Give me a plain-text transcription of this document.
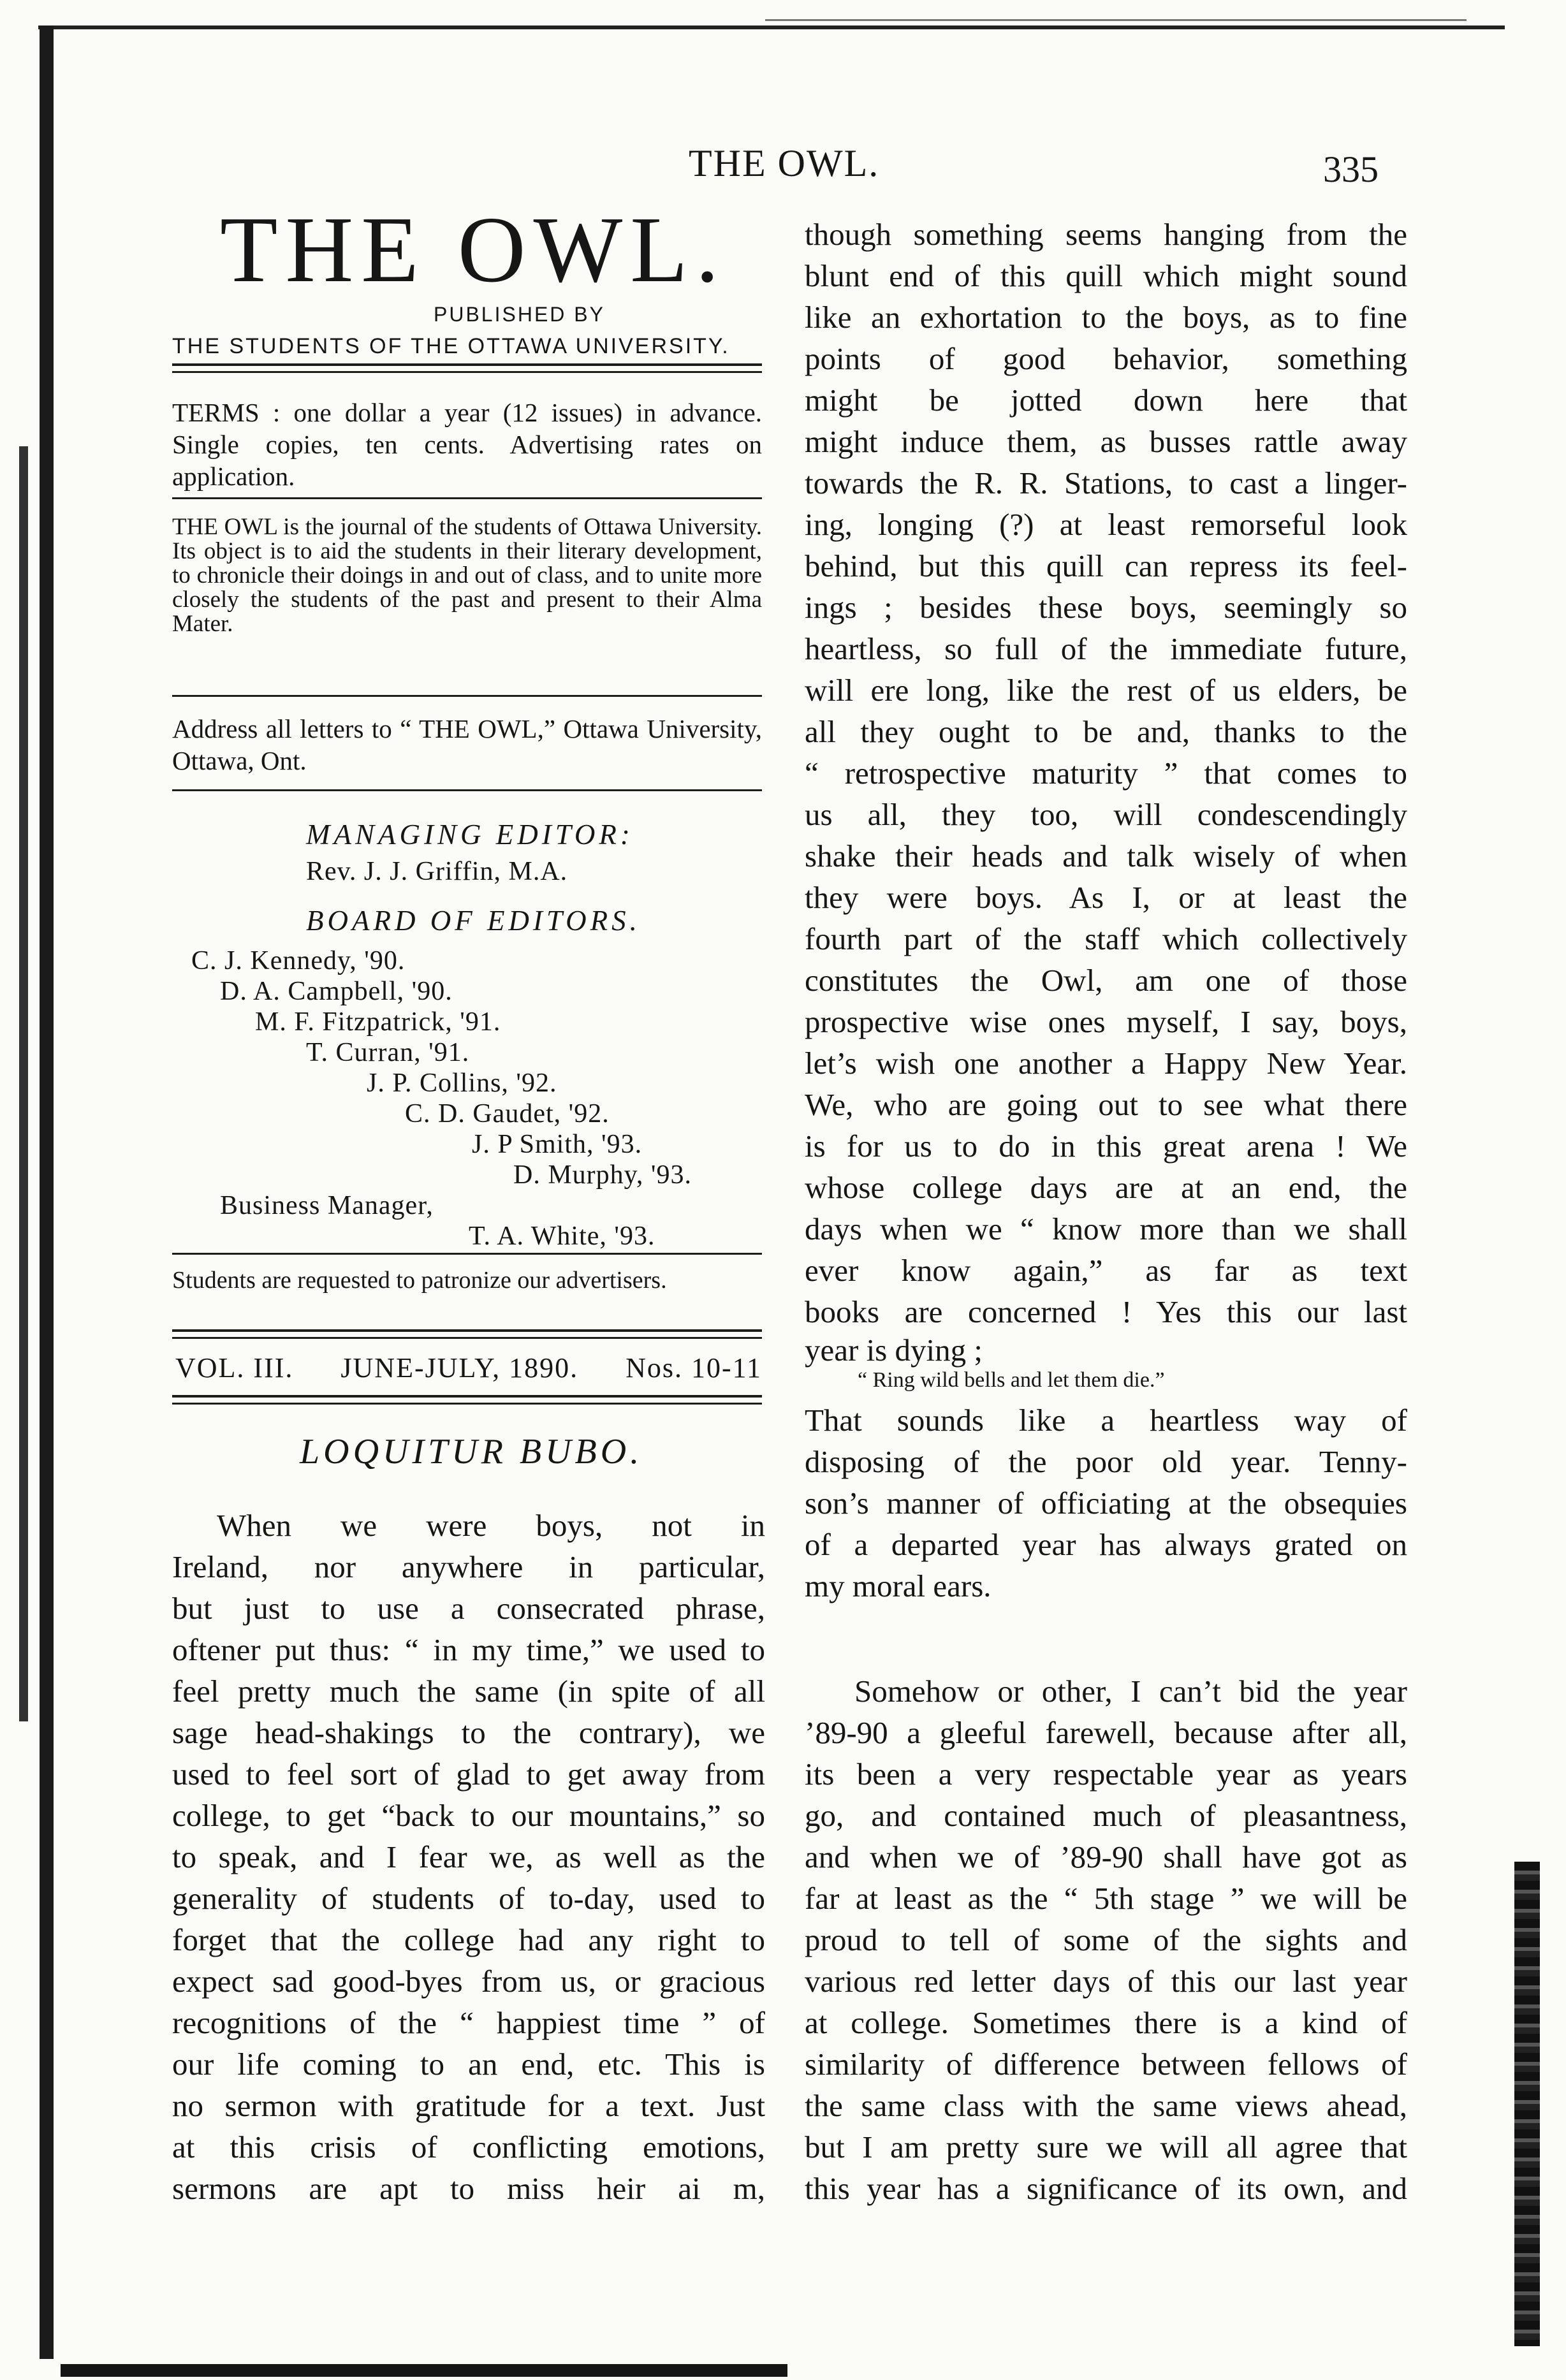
THE OWL.	335
THE OWL.
PUBLISHED BY
THE STUDENTS OF THE OTTAWA UNIVERSITY.
TERMS : one dollar a year (12 issues) in advance. Single copies, ten cents. Advertising rates on application.
THE OWL is the journal of the students of Ottawa University. Its object is to aid the students in their literary development, to chronicle their doings in and out of class, and to unite more closely the students of the past and present to their Alma Mater.
Address all letters to “ THE OWL,” Ottawa University, Ottawa, Ont.
MANAGING EDITOR:
Rev. J. J. Griffin, M.A.
BOARD OF EDITORS.
C. J. Kennedy, '90.
D. A. Campbell, '90.
M. F. Fitzpatrick, '91.
T. Curran, '91.
J. P. Collins, '92.
C. D. Gaudet, '92.
J. P Smith, '93.
D. Murphy, '93.
Business Manager,
T. A. White, '93.
Students are requested to patronize our advertisers.
VOL. III. JUNE-JULY, 1890. Nos. 10-11
LOQUITUR BUBO.
When we were boys, not in
Ireland, nor anywhere in particular,
but just to use a consecrated phrase,
oftener put thus: “ in my time,” we used to
feel pretty much the same (in spite of all
sage head-shakings to the contrary), we
used to feel sort of glad to get away from
college, to get “back to our mountains,” so
to speak, and I fear we, as well as the
generality of students of to-day, used to
forget that the college had any right to
expect sad good-byes from us, or gracious
recognitions of the “ happiest time ” of
our life coming to an end, etc. This is
no sermon with gratitude for a text. Just
at this crisis of conflicting emotions,
sermons are apt to miss heir ai m,
though something seems hanging from the
blunt end of this quill which might sound
like an exhortation to the boys, as to fine
points of good behavior, something
might be jotted down here that
might induce them, as busses rattle away
towards the R. R. Stations, to cast a linger-
ing, longing (?) at least remorseful look
behind, but this quill can repress its feel-
ings ; besides these boys, seemingly so
heartless, so full of the immediate future,
will ere long, like the rest of us elders, be
all they ought to be and, thanks to the
“ retrospective maturity ” that comes to
us all, they too, will condescendingly
shake their heads and talk wisely of when
they were boys. As I, or at least the
fourth part of the staff which collectively
constitutes the Owl, am one of those
prospective wise ones myself, I say, boys,
let’s wish one another a Happy New Year.
We, who are going out to see what there
is for us to do in this great arena ! We
whose college days are at an end, the
days when we “ know more than we shall
ever know again,” as far as text
books are concerned ! Yes this our last
year is dying ;
“ Ring wild bells and let them die.”
That sounds like a heartless way of
disposing of the poor old year. Tenny-
son’s manner of officiating at the obsequies
of a departed year has always grated on
my moral ears.
Somehow or other, I can’t bid the year
’89-90 a gleeful farewell, because after all,
its been a very respectable year as years
go, and contained much of pleasantness,
and when we of ’89-90 shall have got as
far at least as the “ 5th stage ” we will be
proud to tell of some of the sights and
various red letter days of this our last year
at college. Sometimes there is a kind of
similarity of difference between fellows of
the same class with the same views ahead,
but I am pretty sure we will all agree that
this year has a significance of its own, and
